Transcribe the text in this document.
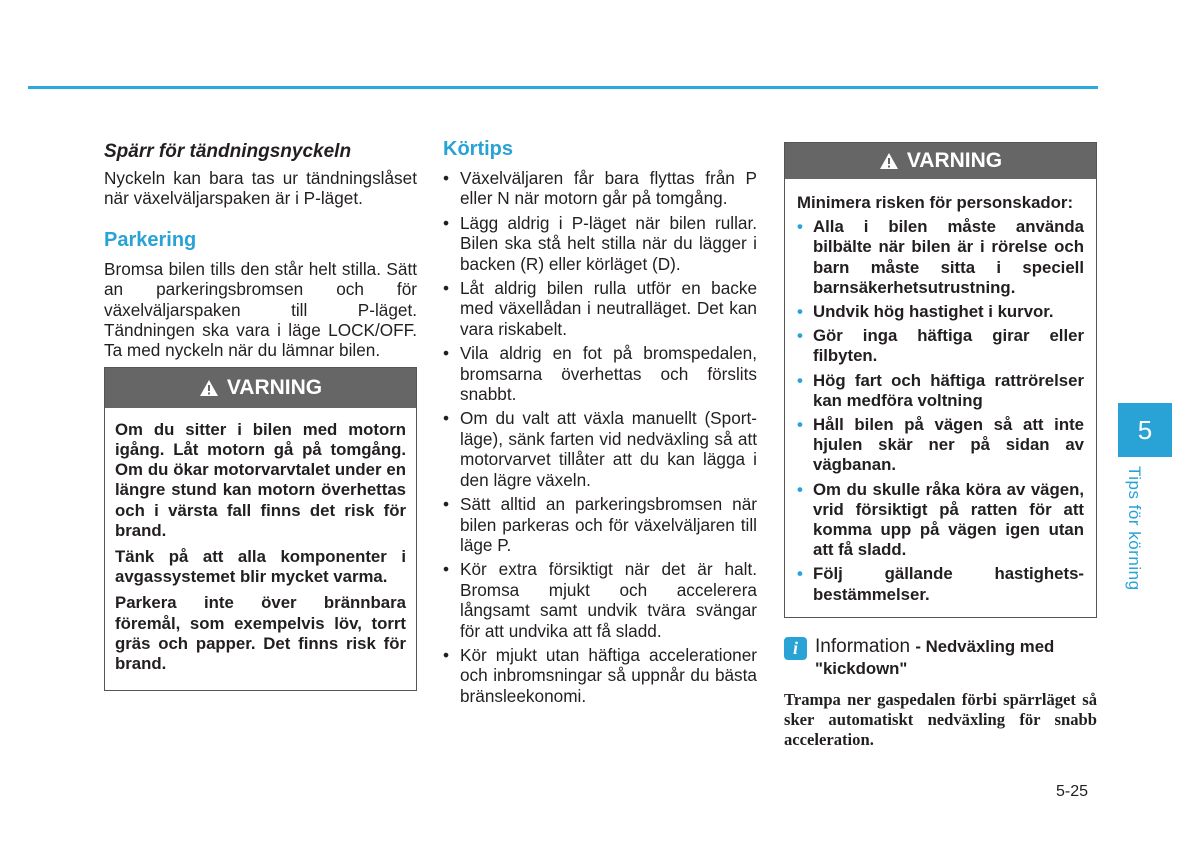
Spärr för tändningsnyckeln

Nyckeln kan bara tas ur tändningslåset när växelväljarspaken är i P-läget.

Parkering

Bromsa bilen tills den står helt stilla. Sätt an parkeringsbromsen och för växelväljarspaken till P-läget. Tändningen ska vara i läge LOCK/OFF. Ta med nyckeln när du lämnar bilen.

VARNING

Om du sitter i bilen med motorn igång. Låt motorn gå på tomgång. Om du ökar motorvarvtalet under en längre stund kan motorn överhettas och i värsta fall finns det risk för brand.

Tänk på att alla komponenter i avgassystemet blir mycket varma.

Parkera inte över brännbara föremål, som exempelvis löv, torrt gräs och papper. Det finns risk för brand.

Körtips
• Växelväljaren får bara flyttas från P eller N när motorn går på tomgång.
• Lägg aldrig i P-läget när bilen rullar. Bilen ska stå helt stilla när du lägger i backen (R) eller körläget (D).
• Låt aldrig bilen rulla utför en backe med växellådan i neutralläget. Det kan vara riskabelt.
• Vila aldrig en fot på bromspedalen, bromsarna överhettas och förslits snabbt.
• Om du valt att växla manuellt (Sport-läge), sänk farten vid nedväxling så att motorvarvet tillåter att du kan lägga i den lägre växeln.
• Sätt alltid an parkeringsbromsen när bilen parkeras och för växelväljaren till läge P.
• Kör extra försiktigt när det är halt. Bromsa mjukt och accelerera långsamt samt undvik tvära svängar för att undvika att få sladd.
• Kör mjukt utan häftiga accelerationer och inbromsningar så uppnår du bästa bränsleekonomi.
VARNING

Minimera risken för personskador:

• Alla i bilen måste använda bilbälte när bilen är i rörelse och barn måste sitta i speciell barnsäkerhetsutrustning.
• Undvik hög hastighet i kurvor.
• Gör inga häftiga girar eller filbyten.
• Hög fart och häftiga rattrörelser kan medföra voltning
• Håll bilen på vägen så att inte hjulen skär ner på sidan av vägbanan.
• Om du skulle råka köra av vägen, vrid försiktigt på ratten för att komma upp på vägen igen utan att få sladd.
• Följ gällande hastighets-bestämmelser.
i Information - Nedväxling med "kickdown"
Trampa ner gaspedalen förbi spärrläget så sker automatiskt nedväxling för snabb acceleration.
5
Tips för körning
5-25
